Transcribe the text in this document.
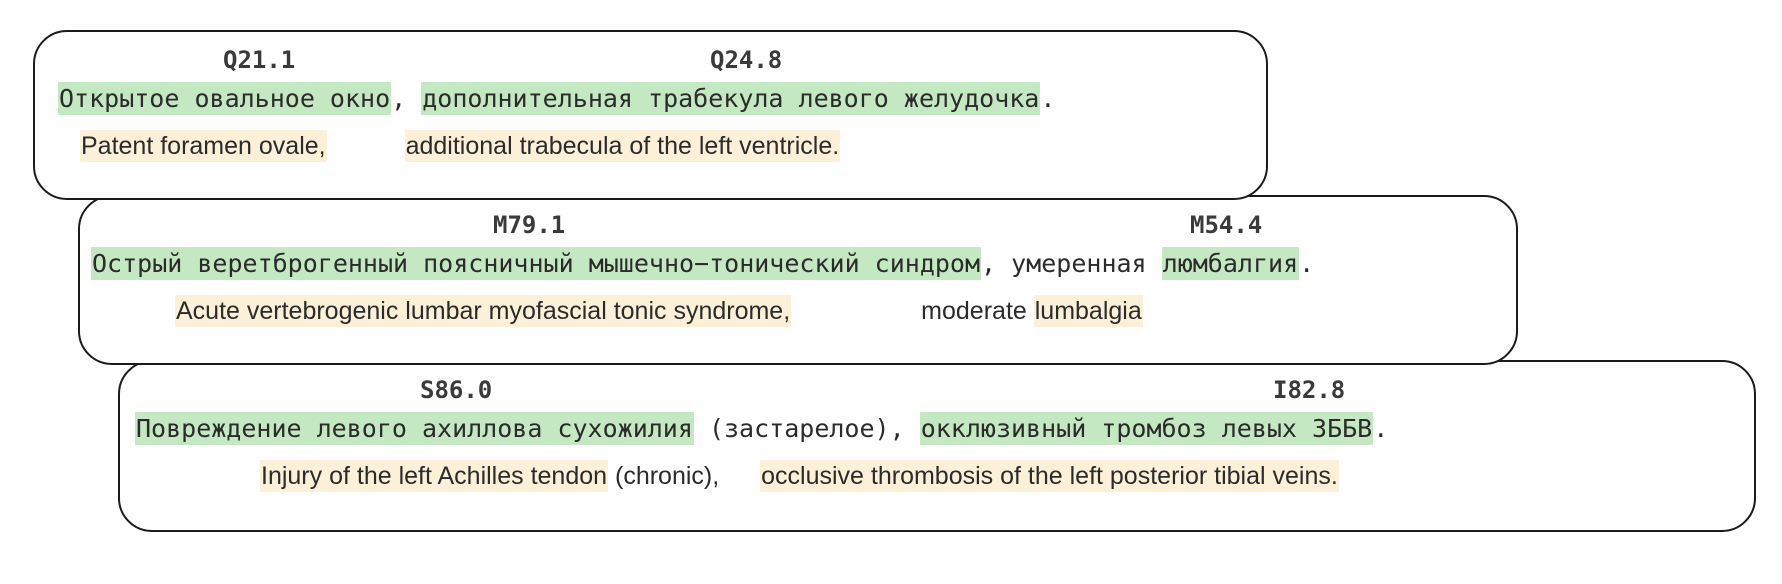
Q21.1	Q24.8
Открытое овальное окно, дополнительная трабекула левого желудочка.
Patent foramen ovale,	additional trabecula of the left ventricle.
M79.1	M54.4
Острый веретброгенный поясничный мышечно−тонический синдром, умеренная люмбалгия.
Acute vertebrogenic lumbar myofascial tonic syndrome,	moderate lumbalgia
S86.0	I82.8
Повреждение левого ахиллова сухожилия (застарелое), окклюзивный тромбоз левых ЗББВ.
Injury of the left Achilles tendon (chronic), occlusive thrombosis of the left posterior tibial veins.
